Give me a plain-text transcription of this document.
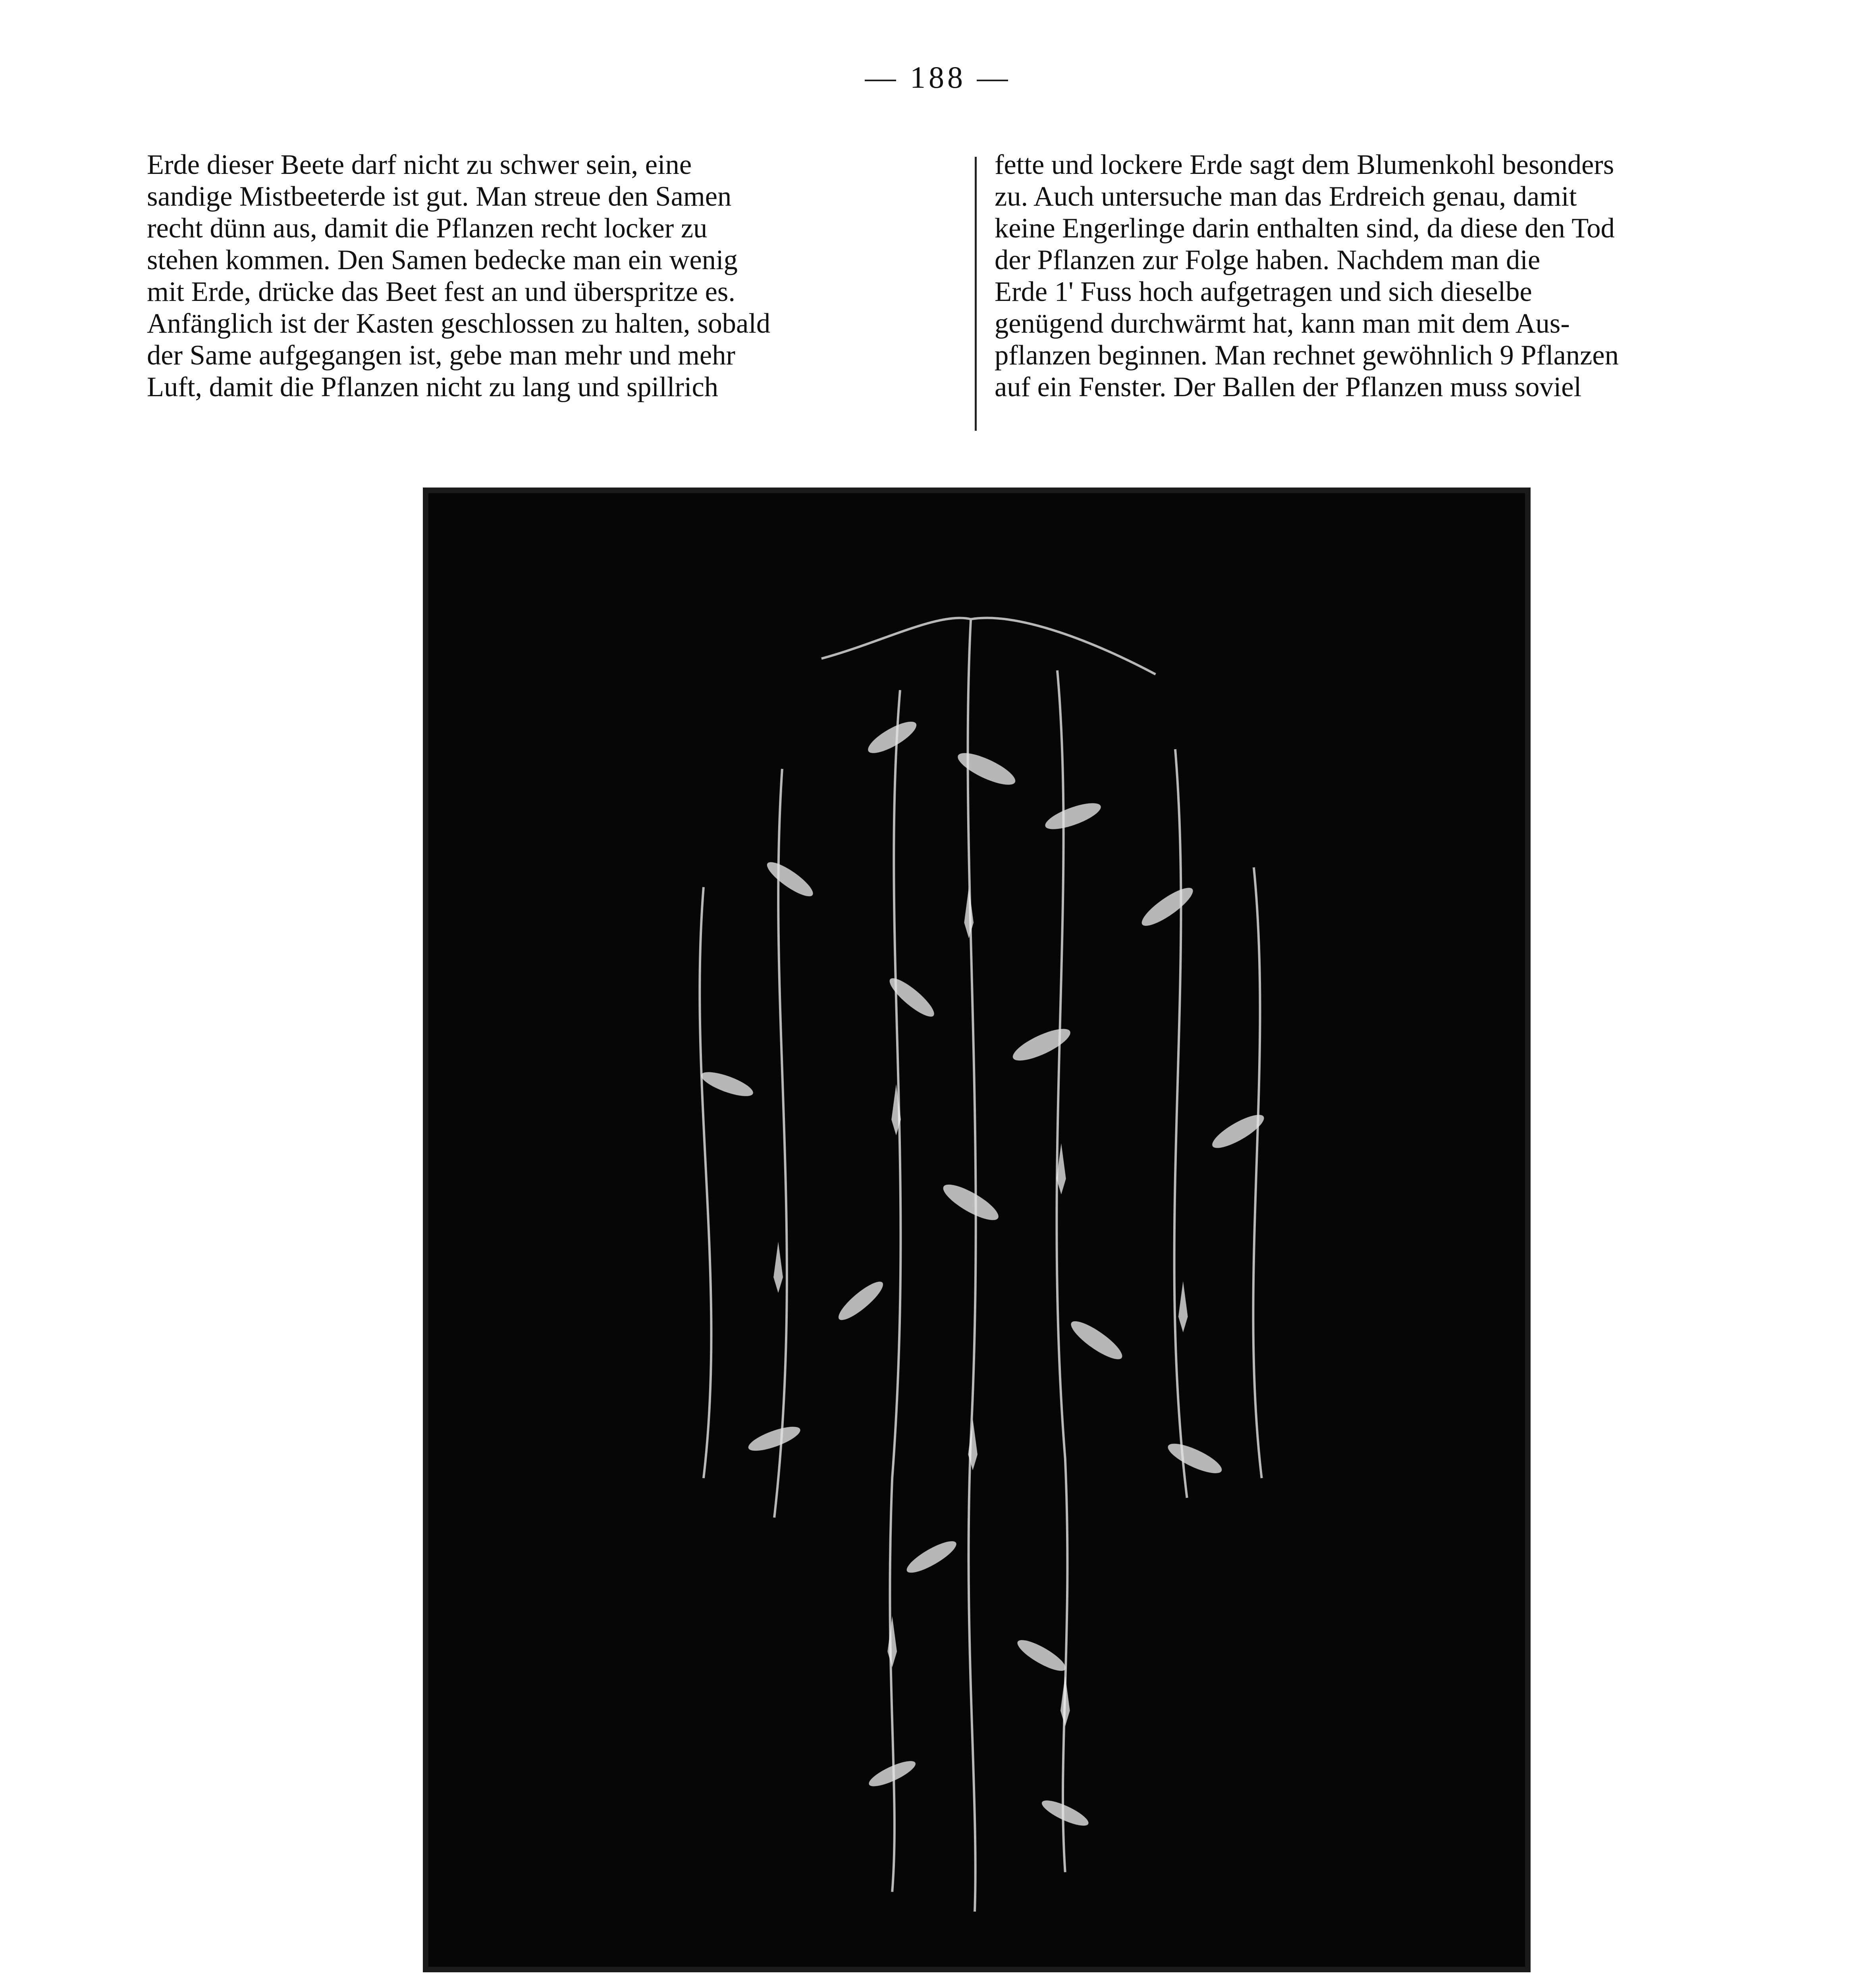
— 188 —
Erde dieser Beete darf nicht zu schwer sein, eine
sandige Mistbeeterde ist gut. Man streue den Samen
recht dünn aus, damit die Pflanzen recht locker zu
stehen kommen. Den Samen bedecke man ein wenig
mit Erde, drücke das Beet fest an und überspritze es.
Anfänglich ist der Kasten geschlossen zu halten, sobald
der Same aufgegangen ist, gebe man mehr und mehr
Luft, damit die Pflanzen nicht zu lang und spillrich
fette und lockere Erde sagt dem Blumenkohl besonders
zu. Auch untersuche man das Erdreich genau, damit
keine Engerlinge darin enthalten sind, da diese den Tod
der Pflanzen zur Folge haben. Nachdem man die
Erde 1' Fuss hoch aufgetragen und sich dieselbe
genügend durchwärmt hat, kann man mit dem Aus-
pflanzen beginnen. Man rechnet gewöhnlich 9 Pflanzen
auf ein Fenster. Der Ballen der Pflanzen muss soviel
